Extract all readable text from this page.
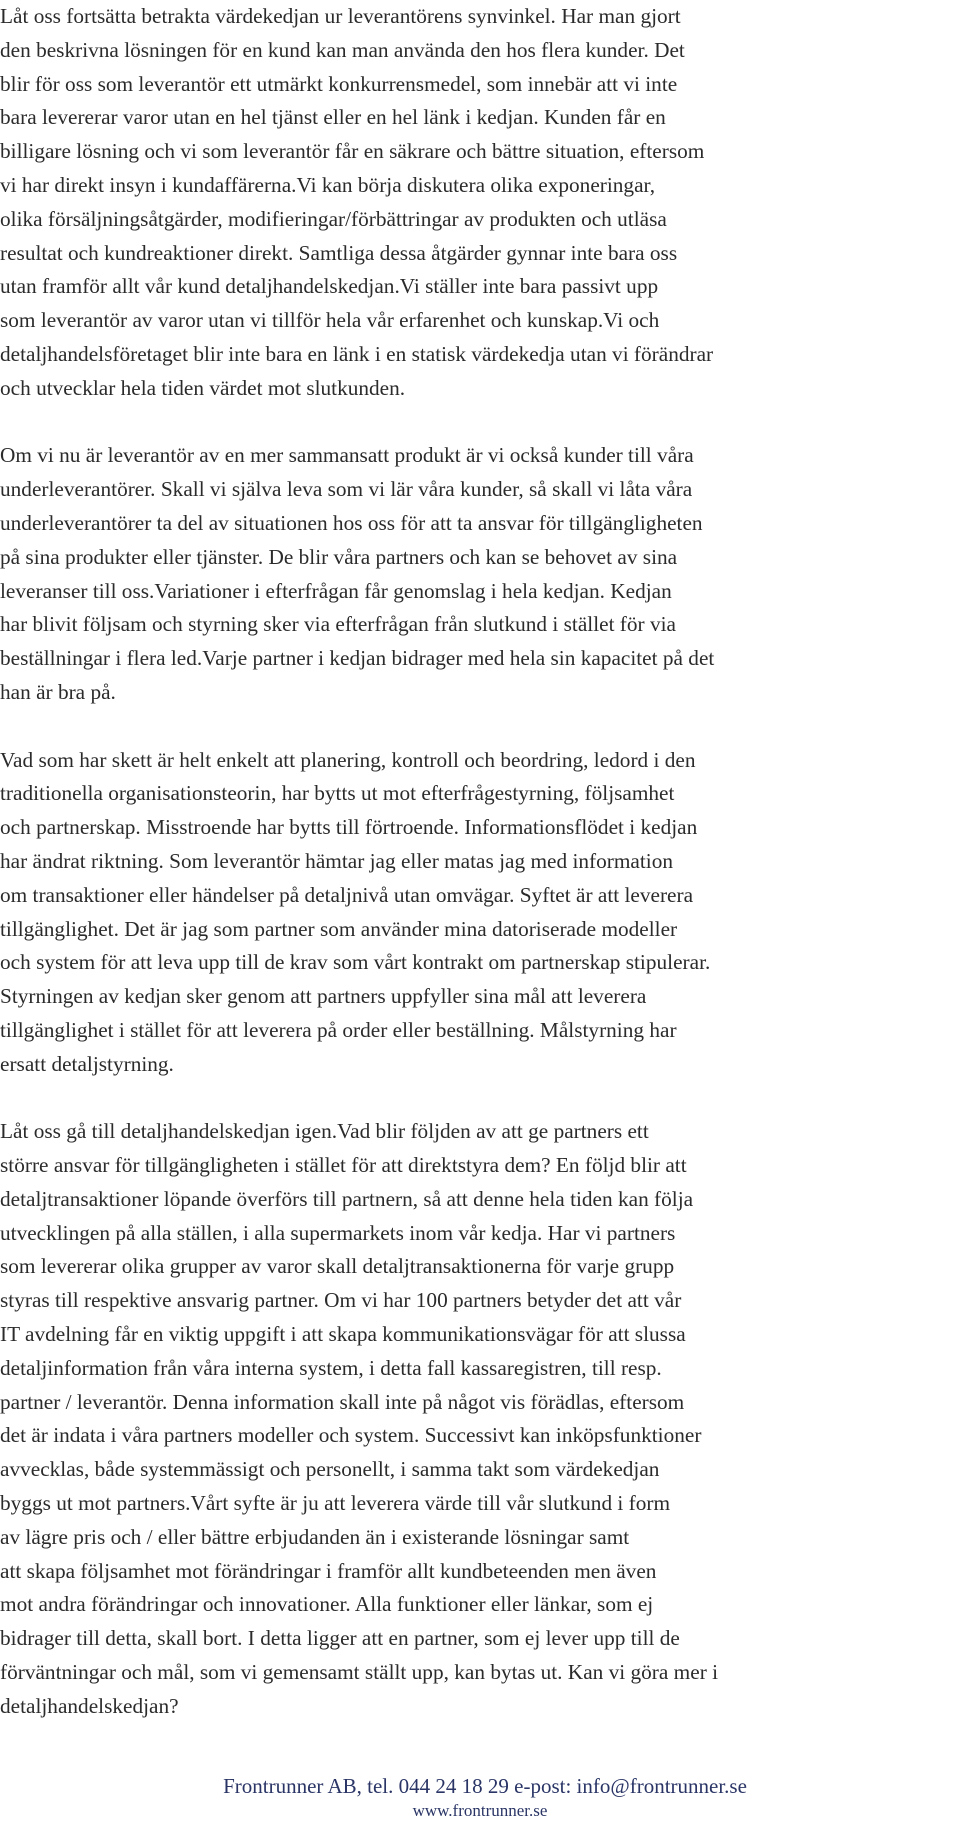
Låt oss fortsätta betrakta värdekedjan ur leverantörens synvinkel. Har man gjort
den beskrivna lösningen för en kund kan man använda den hos flera kunder. Det
blir för oss som leverantör ett utmärkt konkurrensmedel, som innebär att vi inte
bara levererar varor utan en hel tjänst eller en hel länk i kedjan. Kunden får en
billigare lösning och vi som leverantör får en säkrare och bättre situation, eftersom
vi har direkt insyn i kundaffärerna.Vi kan börja diskutera olika exponeringar,
olika försäljningsåtgärder, modifieringar/förbättringar av produkten och utläsa
resultat och kundreaktioner direkt. Samtliga dessa åtgärder gynnar inte bara oss
utan framför allt vår kund detaljhandelskedjan.Vi ställer inte bara passivt upp
som leverantör av varor utan vi tillför hela vår erfarenhet och kunskap.Vi och
detaljhandelsföretaget blir inte bara en länk i en statisk värdekedja utan vi förändrar
och utvecklar hela tiden värdet mot slutkunden.

Om vi nu är leverantör av en mer sammansatt produkt är vi också kunder till våra
underleverantörer. Skall vi själva leva som vi lär våra kunder, så skall vi låta våra
underleverantörer ta del av situationen hos oss för att ta ansvar för tillgängligheten
på sina produkter eller tjänster. De blir våra partners och kan se behovet av sina
leveranser till oss.Variationer i efterfrågan får genomslag i hela kedjan. Kedjan
har blivit följsam och styrning sker via efterfrågan från slutkund i stället för via
beställningar i flera led.Varje partner i kedjan bidrager med hela sin kapacitet på det
han är bra på.

Vad som har skett är helt enkelt att planering, kontroll och beordring, ledord i den
traditionella organisationsteorin, har bytts ut mot efterfrågestyrning, följsamhet
och partnerskap. Misstroende har bytts till förtroende. Informationsflödet i kedjan
har ändrat riktning. Som leverantör hämtar jag eller matas jag med information
om transaktioner eller händelser på detaljnivå utan omvägar. Syftet är att leverera
tillgänglighet. Det är jag som partner som använder mina datoriserade modeller
och system för att leva upp till de krav som vårt kontrakt om partnerskap stipulerar.
Styrningen av kedjan sker genom att partners uppfyller sina mål att leverera
tillgänglighet i stället för att leverera på order eller beställning. Målstyrning har
ersatt detaljstyrning.

Låt oss gå till detaljhandelskedjan igen.Vad blir följden av att ge partners ett
större ansvar för tillgängligheten i stället för att direktstyra dem? En följd blir att
detaljtransaktioner löpande överförs till partnern, så att denne hela tiden kan följa
utvecklingen på alla ställen, i alla supermarkets inom vår kedja. Har vi partners
som levererar olika grupper av varor skall detaljtransaktionerna för varje grupp
styras till respektive ansvarig partner. Om vi har 100 partners betyder det att vår
IT avdelning får en viktig uppgift i att skapa kommunikationsvägar för att slussa
detaljinformation från våra interna system, i detta fall kassaregistren, till resp.
partner / leverantör. Denna information skall inte på något vis förädlas, eftersom
det är indata i våra partners modeller och system. Successivt kan inköpsfunktioner
avvecklas, både systemmässigt och personellt, i samma takt som värdekedjan
byggs ut mot partners.Vårt syfte är ju att leverera värde till vår slutkund i form
av lägre pris och / eller bättre erbjudanden än i existerande lösningar samt
att skapa följsamhet mot förändringar i framför allt kundbeteenden men även
mot andra förändringar och innovationer. Alla funktioner eller länkar, som ej
bidrager till detta, skall bort. I detta ligger att en partner, som ej lever upp till de
förväntningar och mål, som vi gemensamt ställt upp, kan bytas ut. Kan vi göra mer i
detaljhandelskedjan?

Frontrunner AB, tel. 044 24 18 29 e-post: info@frontrunner.se
www.frontrunner.se
